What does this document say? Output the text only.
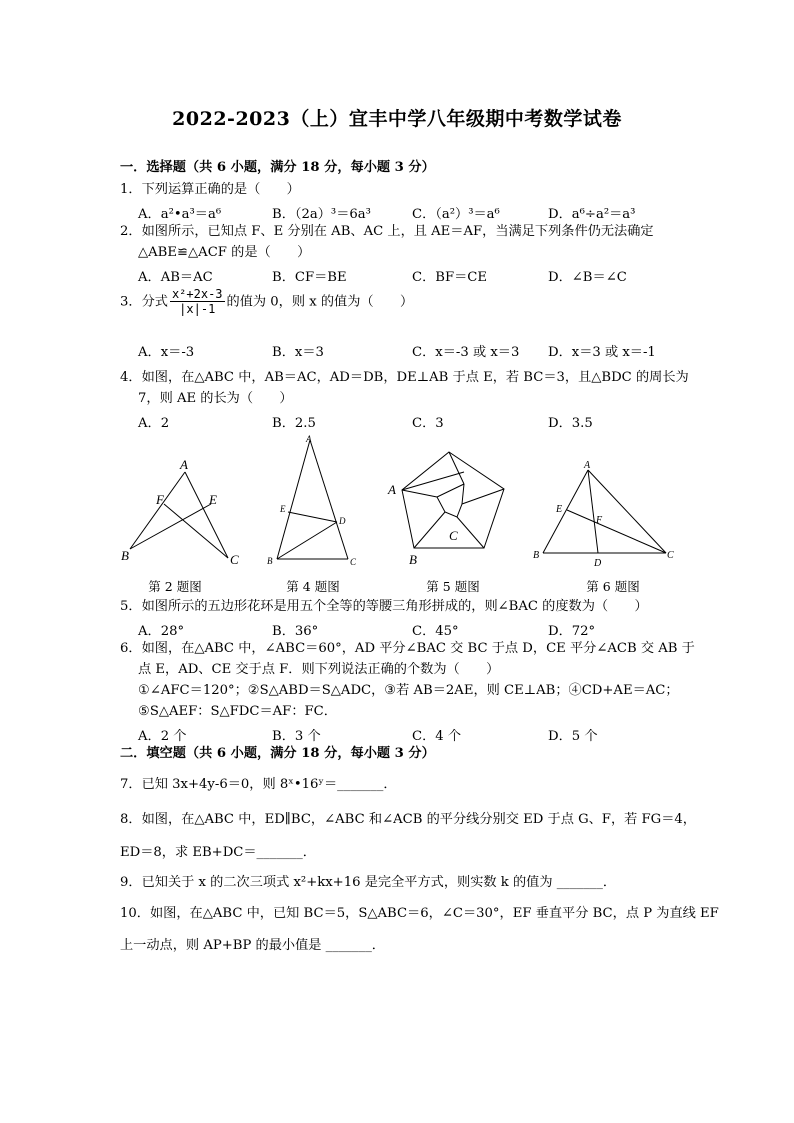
2022-2023（上）宜丰中学八年级期中考数学试卷
一．选择题（共 6 小题，满分 18 分，每小题 3 分）
1．下列运算正确的是（　　）
A．a²•a³＝a⁶	B．（2a）³＝6a³	C．（a²）³＝a⁶	D．a⁶÷a²＝a³
2．如图所示，已知点 F、E 分别在 AB、AC 上，且 AE＝AF，当满足下列条件仍无法确定
△ABE≌△ACF 的是（　　）
A．AB＝AC	B．CF＝BE	C．BF＝CE	D．∠B＝∠C
3．分式 $\frac{\text{x²+2x-3}}{|x|-1}$ 的值为 0，则 x 的值为（　　）
A．x＝-3	B．x＝3	C．x＝-3 或 x＝3 D．x＝3 或 x＝-1
4．如图，在△ABC 中，AB＝AC，AD＝DB，DE⊥AB 于点 E，若 BC＝3，且△BDC 的周长为
7，则 AE 的长为（　　）
A．2	B．2.5	C．3	D．3.5
A
B	C
E
F
A
B	C
D
E
A
B
C
A
B	C
D
E
F
第 2 题图	第 4 题图	第 5 题图	第 6 题图
5．如图所示的五边形花环是用五个全等的等腰三角形拼成的，则∠BAC 的度数为（　　）
A．28°	B．36°	C．45°	D．72°
6．如图，在△ABC 中，∠ABC＝60°，AD 平分∠BAC 交 BC 于点 D，CE 平分∠ACB 交 AB 于
点 E，AD、CE 交于点 F．则下列说法正确的个数为（　　）
①∠AFC＝120°；②S△ABD＝S△ADC，③若 AB＝2AE，则 CE⊥AB；④CD+AE＝AC；
⑤S△AEF：S△FDC＝AF：FC．
A．2 个	B．3 个	C．4 个	D．5 个
二．填空题（共 6 小题，满分 18 分，每小题 3 分）
7．已知 3x+4y-6＝0，则 8ˣ•16ʸ＝_______．
8．如图，在△ABC 中，ED∥BC，∠ABC 和∠ACB 的平分线分别交 ED 于点 G、F，若 FG＝4，
ED＝8，求 EB+DC＝_______．
9．已知关于 x 的二次三项式 x²+kx+16 是完全平方式，则实数 k 的值为 _______．
10．如图，在△ABC 中，已知 BC＝5，S△ABC＝6，∠C＝30°，EF 垂直平分 BC，点 P 为直线 EF
上一动点，则 AP+BP 的最小值是 _______．
